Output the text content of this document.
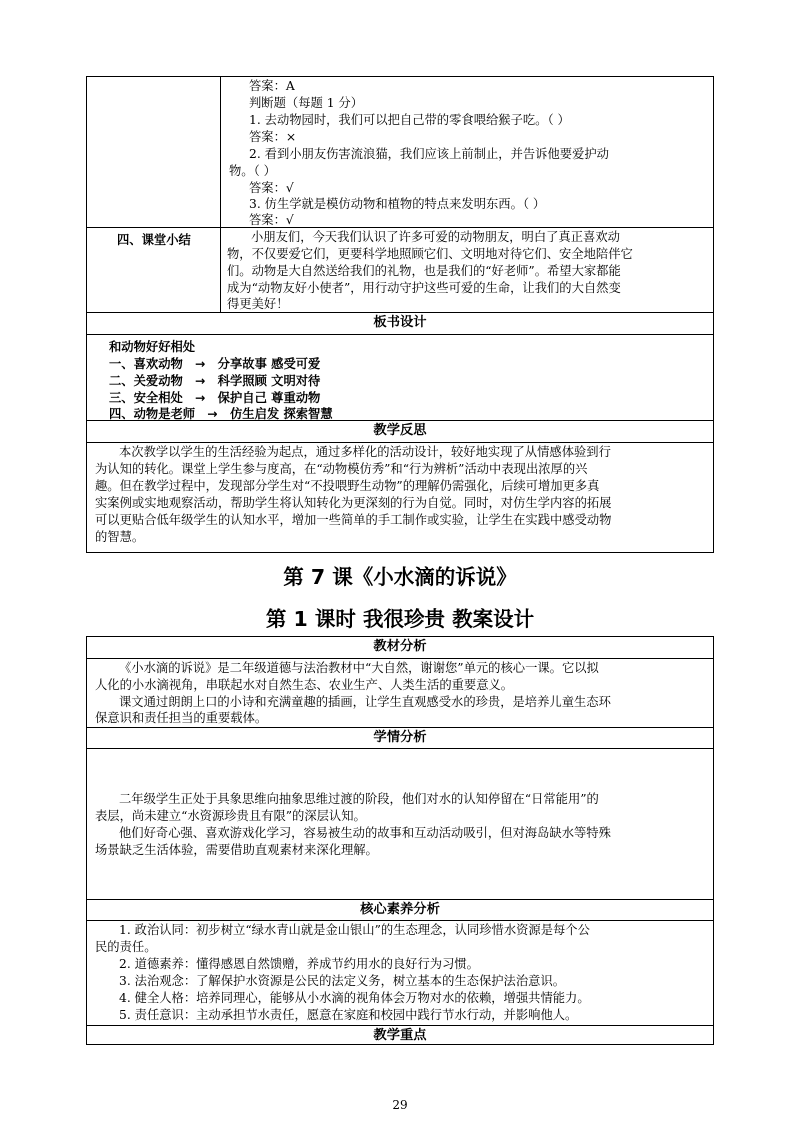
答案：A
判断题（每题 1 分）
1. 去动物园时，我们可以把自己带的零食喂给猴子吃。（ ）
答案：×
2. 看到小朋友伤害流浪猫，我们应该上前制止，并告诉他要爱护动
物。（ ）
答案：√
3. 仿生学就是模仿动物和植物的特点来发明东西。（ ）
答案：√
四、课堂小结	小朋友们，今天我们认识了许多可爱的动物朋友，明白了真正喜欢动
物，不仅要爱它们，更要科学地照顾它们、文明地对待它们、安全地陪伴它
们。动物是大自然送给我们的礼物，也是我们的“好老师”。希望大家都能
成为“动物友好小使者”，用行动守护这些可爱的生命，让我们的大自然变
得更美好！
板书设计
和动物好好相处
一、喜欢动物 → 分享故事 感受可爱
二、关爱动物 → 科学照顾 文明对待
三、安全相处 → 保护自己 尊重动物
四、动物是老师 → 仿生启发 探索智慧
教学反思
本次教学以学生的生活经验为起点，通过多样化的活动设计，较好地实现了从情感体验到行
为认知的转化。课堂上学生参与度高，在“动物模仿秀”和“行为辨析”活动中表现出浓厚的兴
趣。但在教学过程中，发现部分学生对“不投喂野生动物”的理解仍需强化，后续可增加更多真
实案例或实地观察活动，帮助学生将认知转化为更深刻的行为自觉。同时，对仿生学内容的拓展
可以更贴合低年级学生的认知水平，增加一些简单的手工制作或实验，让学生在实践中感受动物
的智慧。
第 7 课《小水滴的诉说》
第 1 课时 我很珍贵 教案设计
教材分析
《小水滴的诉说》是二年级道德与法治教材中“大自然，谢谢您”单元的核心一课。它以拟
人化的小水滴视角，串联起水对自然生态、农业生产、人类生活的重要意义。
课文通过朗朗上口的小诗和充满童趣的插画，让学生直观感受水的珍贵，是培养儿童生态环
保意识和责任担当的重要载体。
学情分析
二年级学生正处于具象思维向抽象思维过渡的阶段，他们对水的认知停留在“日常能用”的
表层，尚未建立“水资源珍贵且有限”的深层认知。
他们好奇心强、喜欢游戏化学习，容易被生动的故事和互动活动吸引，但对海岛缺水等特殊
场景缺乏生活体验，需要借助直观素材来深化理解。
核心素养分析
1. 政治认同：初步树立“绿水青山就是金山银山”的生态理念，认同珍惜水资源是每个公
民的责任。
2. 道德素养：懂得感恩自然馈赠，养成节约用水的良好行为习惯。
3. 法治观念：了解保护水资源是公民的法定义务，树立基本的生态保护法治意识。
4. 健全人格：培养同理心，能够从小水滴的视角体会万物对水的依赖，增强共情能力。
5. 责任意识：主动承担节水责任，愿意在家庭和校园中践行节水行动，并影响他人。
教学重点
29
